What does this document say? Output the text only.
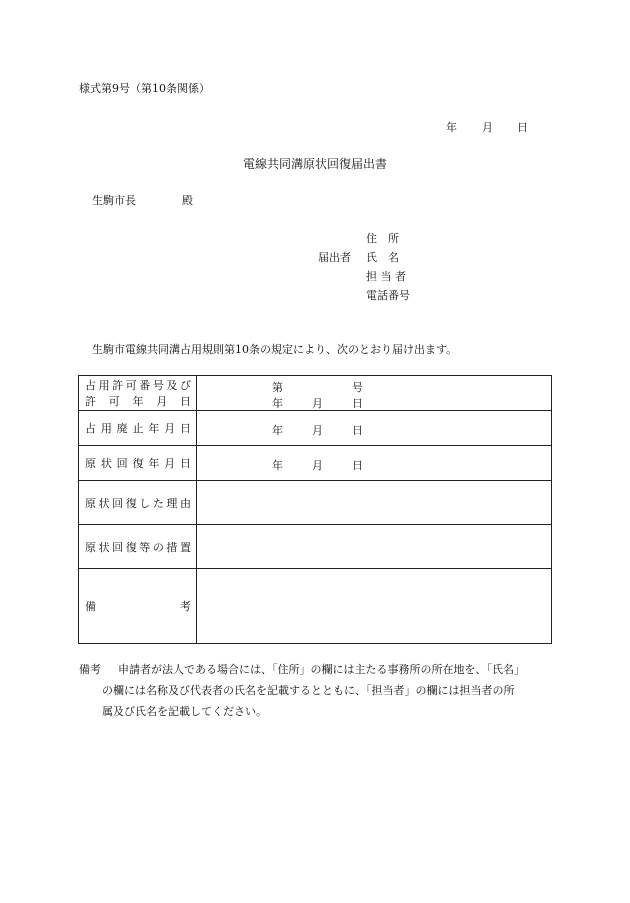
様式第9号（第10条関係）
年 月 日
電線共同溝原状回復届出書
生駒市長	殿
届出者
住　所
氏　名
担 当 者
電話番号
生駒市電線共同溝占用規則第10条の規定により、次のとおり届け出ます。
占用許可番号及び
許可年月日	第 号
年 月 日

占用廃止年月日	年 月 日

原状回復年月日	年 月 日

原状回復した理由	

原状回復等の措置	

備　考	

備考 申請者が法人である場合には、「住所」の欄には主たる事務所の所在地を、「氏名」
の欄には名称及び代表者の氏名を記載するとともに、「担当者」の欄には担当者の所
属及び氏名を記載してください。
